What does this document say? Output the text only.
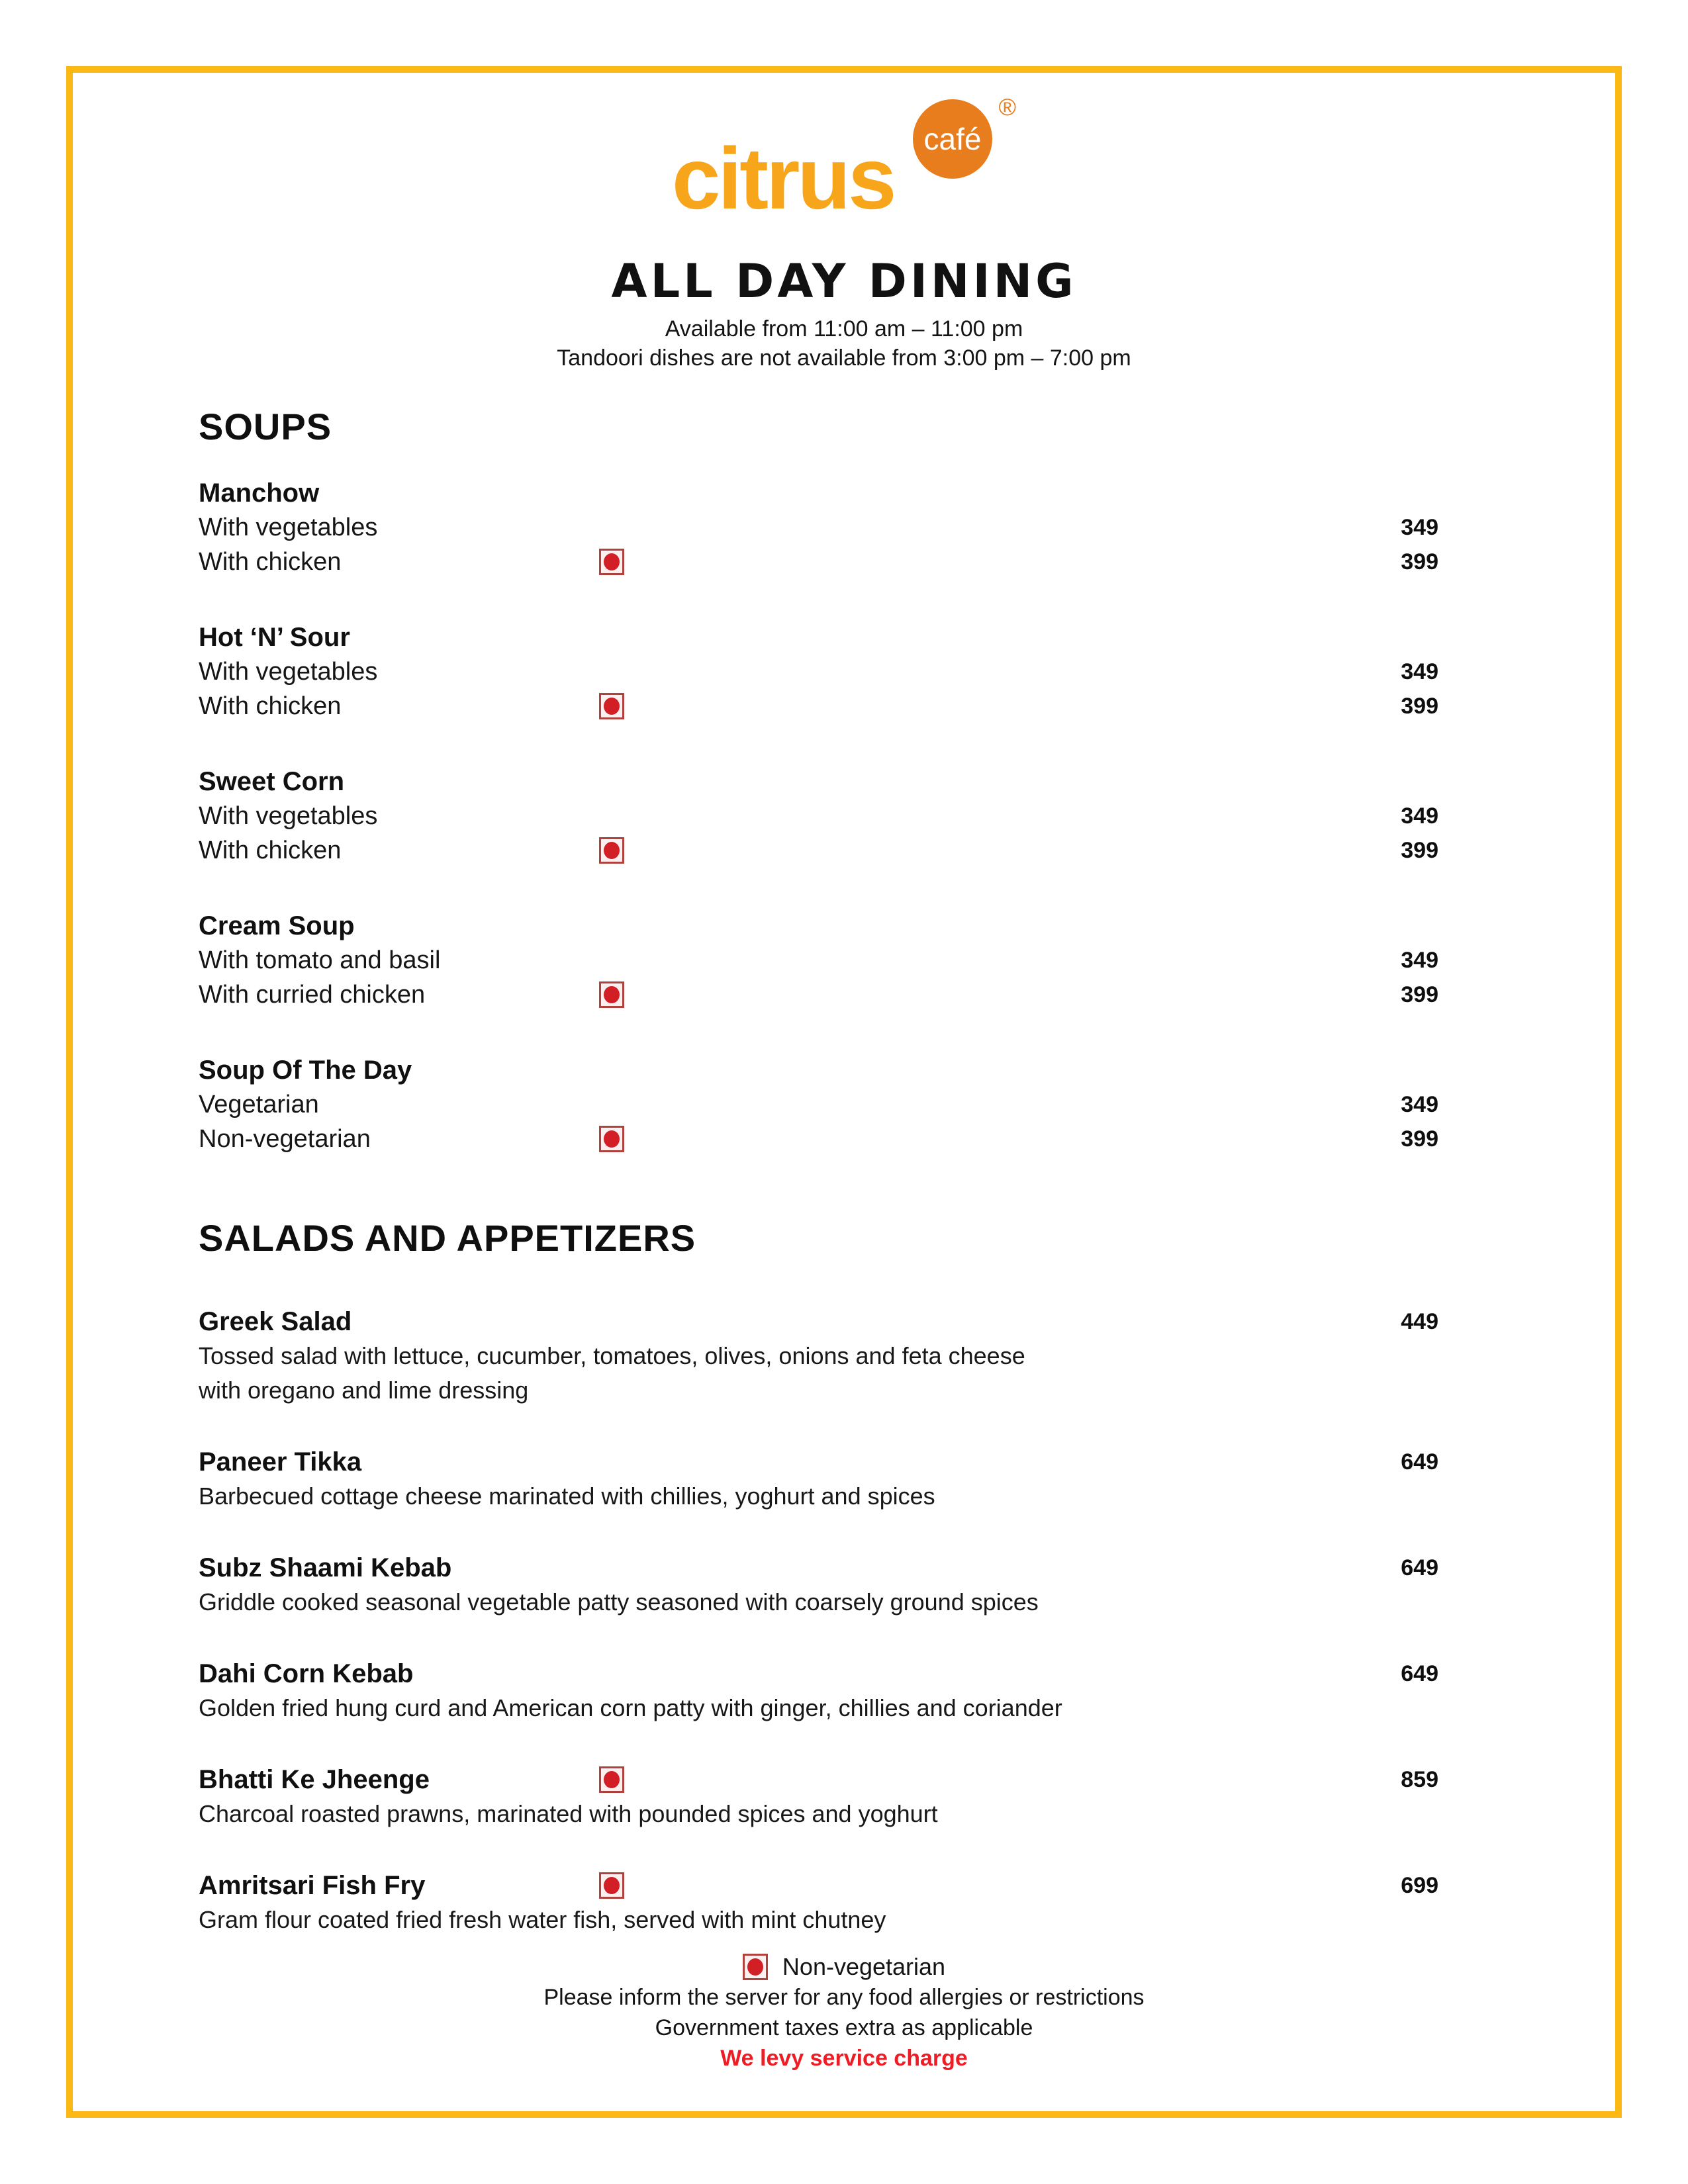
citrus café
®
ALL DAY DINING
Available from 11:00 am – 11:00 pm
Tandoori dishes are not available from 3:00 pm – 7:00 pm
SOUPS
Manchow
With vegetables	349
With chicken	399
Hot ‘N’ Sour
With vegetables	349
With chicken	399
Sweet Corn
With vegetables	349
With chicken	399
Cream Soup
With tomato and basil	349
With curried chicken	399
Soup Of The Day
Vegetarian	349
Non-vegetarian	399
SALADS AND APPETIZERS
Greek Salad	449
Tossed salad with lettuce, cucumber, tomatoes, olives, onions and feta cheese
with oregano and lime dressing
Paneer Tikka	649
Barbecued cottage cheese marinated with chillies, yoghurt and spices
Subz Shaami Kebab	649
Griddle cooked seasonal vegetable patty seasoned with coarsely ground spices
Dahi Corn Kebab	649
Golden fried hung curd and American corn patty with ginger, chillies and coriander
Bhatti Ke Jheenge	859
Charcoal roasted prawns, marinated with pounded spices and yoghurt
Amritsari Fish Fry	699
Gram flour coated fried fresh water fish, served with mint chutney
Non-vegetarian
Please inform the server for any food allergies or restrictions
Government taxes extra as applicable
We levy service charge
